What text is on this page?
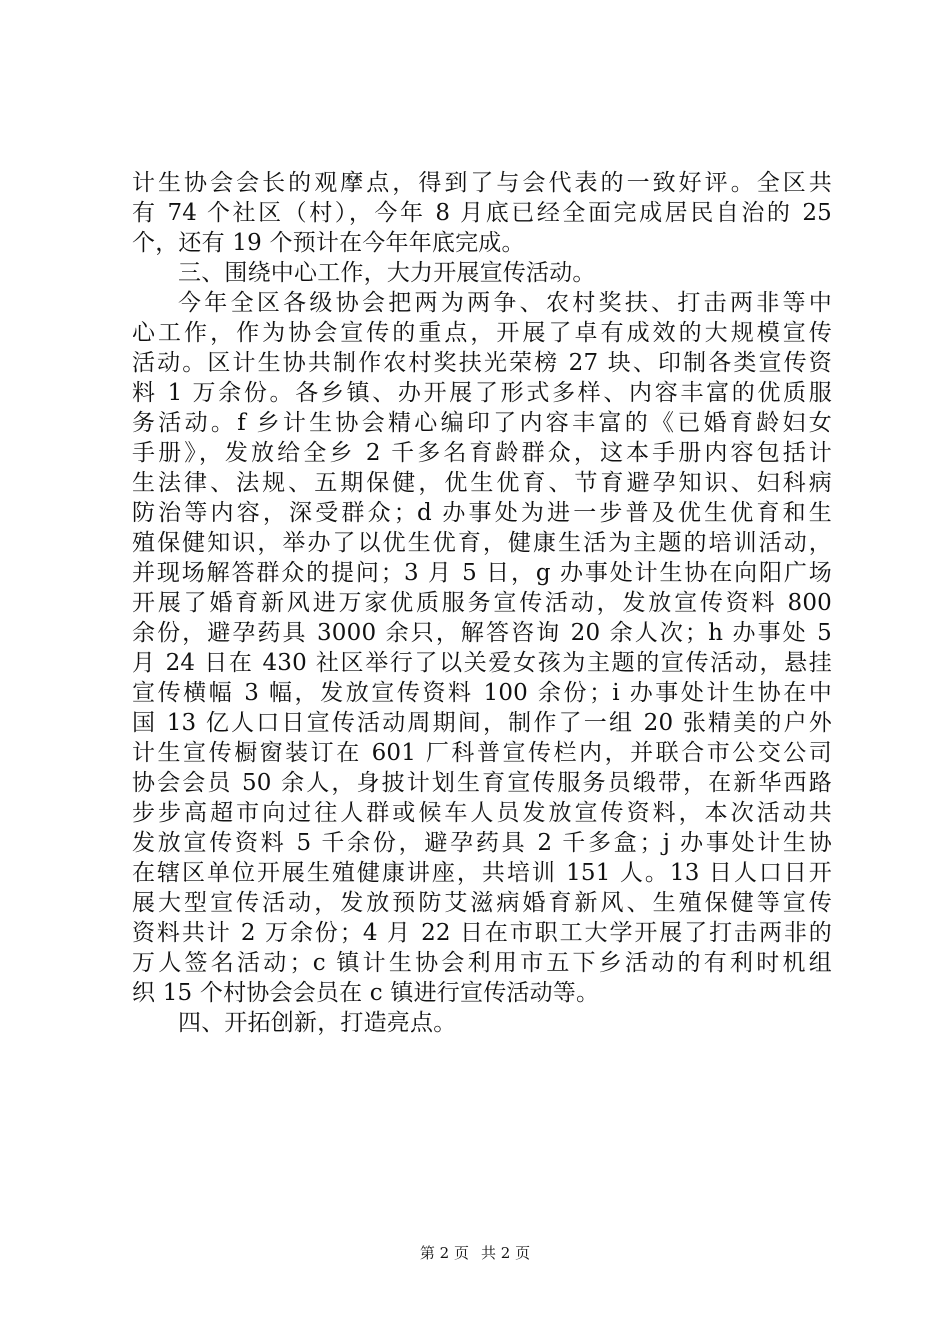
计生协会会长的观摩点，得到了与会代表的一致好评。全区共
有 74 个社区（村），今年 8 月底已经全面完成居民自治的 25
个，还有 19 个预计在今年年底完成。
三、围绕中心工作，大力开展宣传活动。
今年全区各级协会把两为两争、农村奖扶、打击两非等中
心工作，作为协会宣传的重点，开展了卓有成效的大规模宣传
活动。区计生协共制作农村奖扶光荣榜 27 块、印制各类宣传资
料 1 万余份。各乡镇、办开展了形式多样、内容丰富的优质服
务活动。f 乡计生协会精心编印了内容丰富的《已婚育龄妇女
手册》，发放给全乡 2 千多名育龄群众，这本手册内容包括计
生法律、法规、五期保健，优生优育、节育避孕知识、妇科病
防治等内容，深受群众；d 办事处为进一步普及优生优育和生
殖保健知识，举办了以优生优育，健康生活为主题的培训活动，
并现场解答群众的提问；3 月 5 日，g 办事处计生协在向阳广场
开展了婚育新风进万家优质服务宣传活动，发放宣传资料 800
余份，避孕药具 3000 余只，解答咨询 20 余人次；h 办事处 5
月 24 日在 430 社区举行了以关爱女孩为主题的宣传活动，悬挂
宣传横幅 3 幅，发放宣传资料 100 余份；i 办事处计生协在中
国 13 亿人口日宣传活动周期间，制作了一组 20 张精美的户外
计生宣传橱窗装订在 601 厂科普宣传栏内，并联合市公交公司
协会会员 50 余人，身披计划生育宣传服务员缎带，在新华西路
步步高超市向过往人群或候车人员发放宣传资料，本次活动共
发放宣传资料 5 千余份，避孕药具 2 千多盒；j 办事处计生协
在辖区单位开展生殖健康讲座，共培训 151 人。13 日人口日开
展大型宣传活动，发放预防艾滋病婚育新风、生殖保健等宣传
资料共计 2 万余份；4 月 22 日在市职工大学开展了打击两非的
万人签名活动；c 镇计生协会利用市五下乡活动的有利时机组
织 15 个村协会会员在 c 镇进行宣传活动等。
四、开拓创新，打造亮点。
第 2 页 共 2 页
